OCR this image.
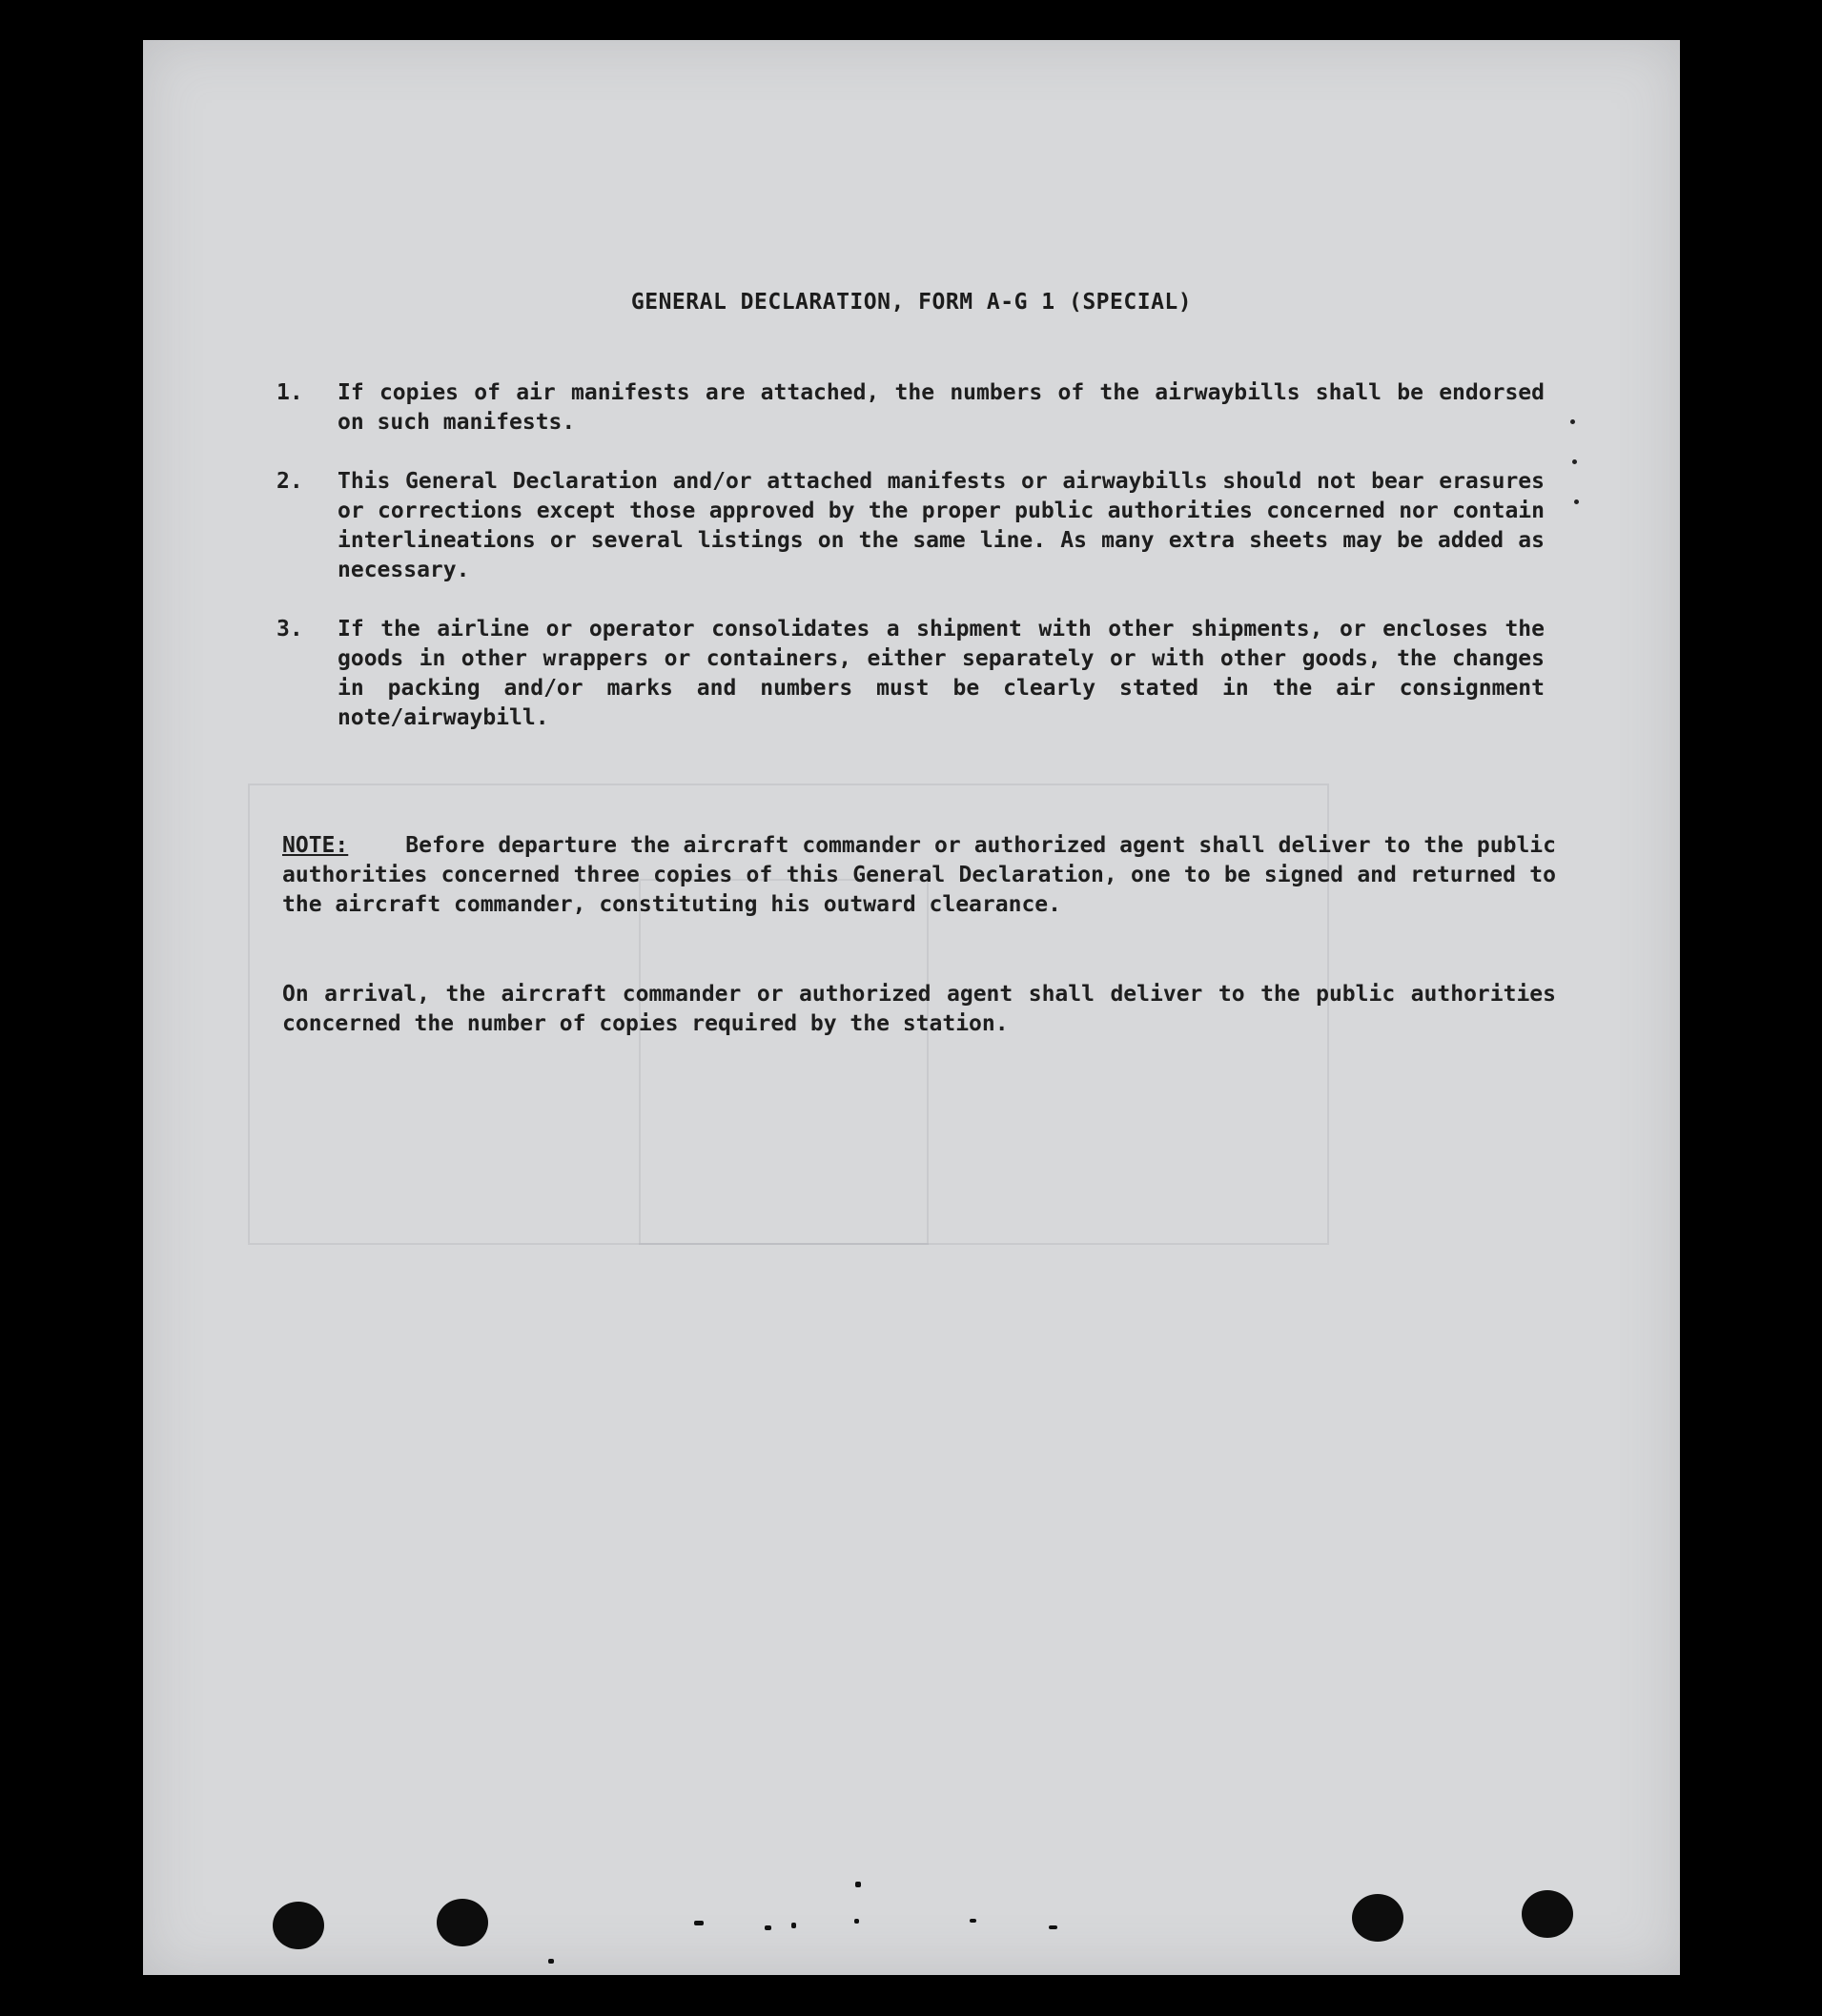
GENERAL DECLARATION, FORM A-G 1 (SPECIAL)
1. If copies of air manifests are attached, the numbers of the airwaybills shall be endorsed on such manifests.
2. This General Declaration and/or attached manifests or airwaybills should not bear erasures or corrections except those approved by the proper public authorities concerned nor contain interlineations or several listings on the same line. As many extra sheets may be added as necessary.
3. If the airline or operator consolidates a shipment with other shipments, or encloses the goods in other wrappers or containers, either separately or with other goods, the changes in packing and/or marks and numbers must be clearly stated in the air consignment note/airwaybill.

NOTE:	Before departure the aircraft commander or authorized agent shall deliver to the public authorities concerned three copies of this General Declaration, one to be signed and returned to the aircraft commander, constituting his outward clearance.

On arrival, the aircraft commander or authorized agent shall deliver to the public authorities concerned the number of copies required by the station.
